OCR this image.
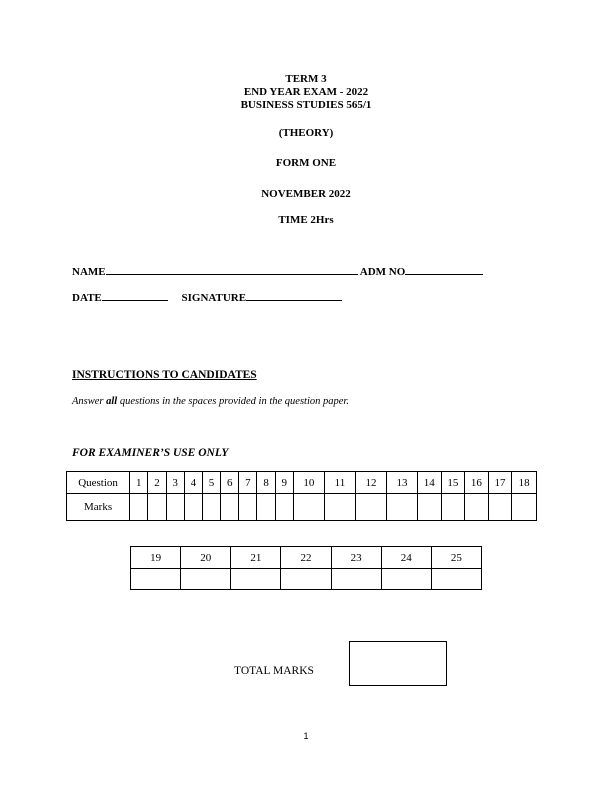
TERM 3
END YEAR EXAM - 2022
BUSINESS STUDIES 565/1
(THEORY)
FORM ONE
NOVEMBER 2022
TIME 2Hrs
NAME	ADM NO
DATE	SIGNATURE
INSTRUCTIONS TO CANDIDATES
Answer all questions in the spaces provided in the question paper.
FOR EXAMINER’S USE ONLY
Question	1	2	3	4	5	6	7	8	9	10	11	12	13	14	15	16	17	18
Marks																		
19	20	21	22	23	24	25

TOTAL MARKS
1
